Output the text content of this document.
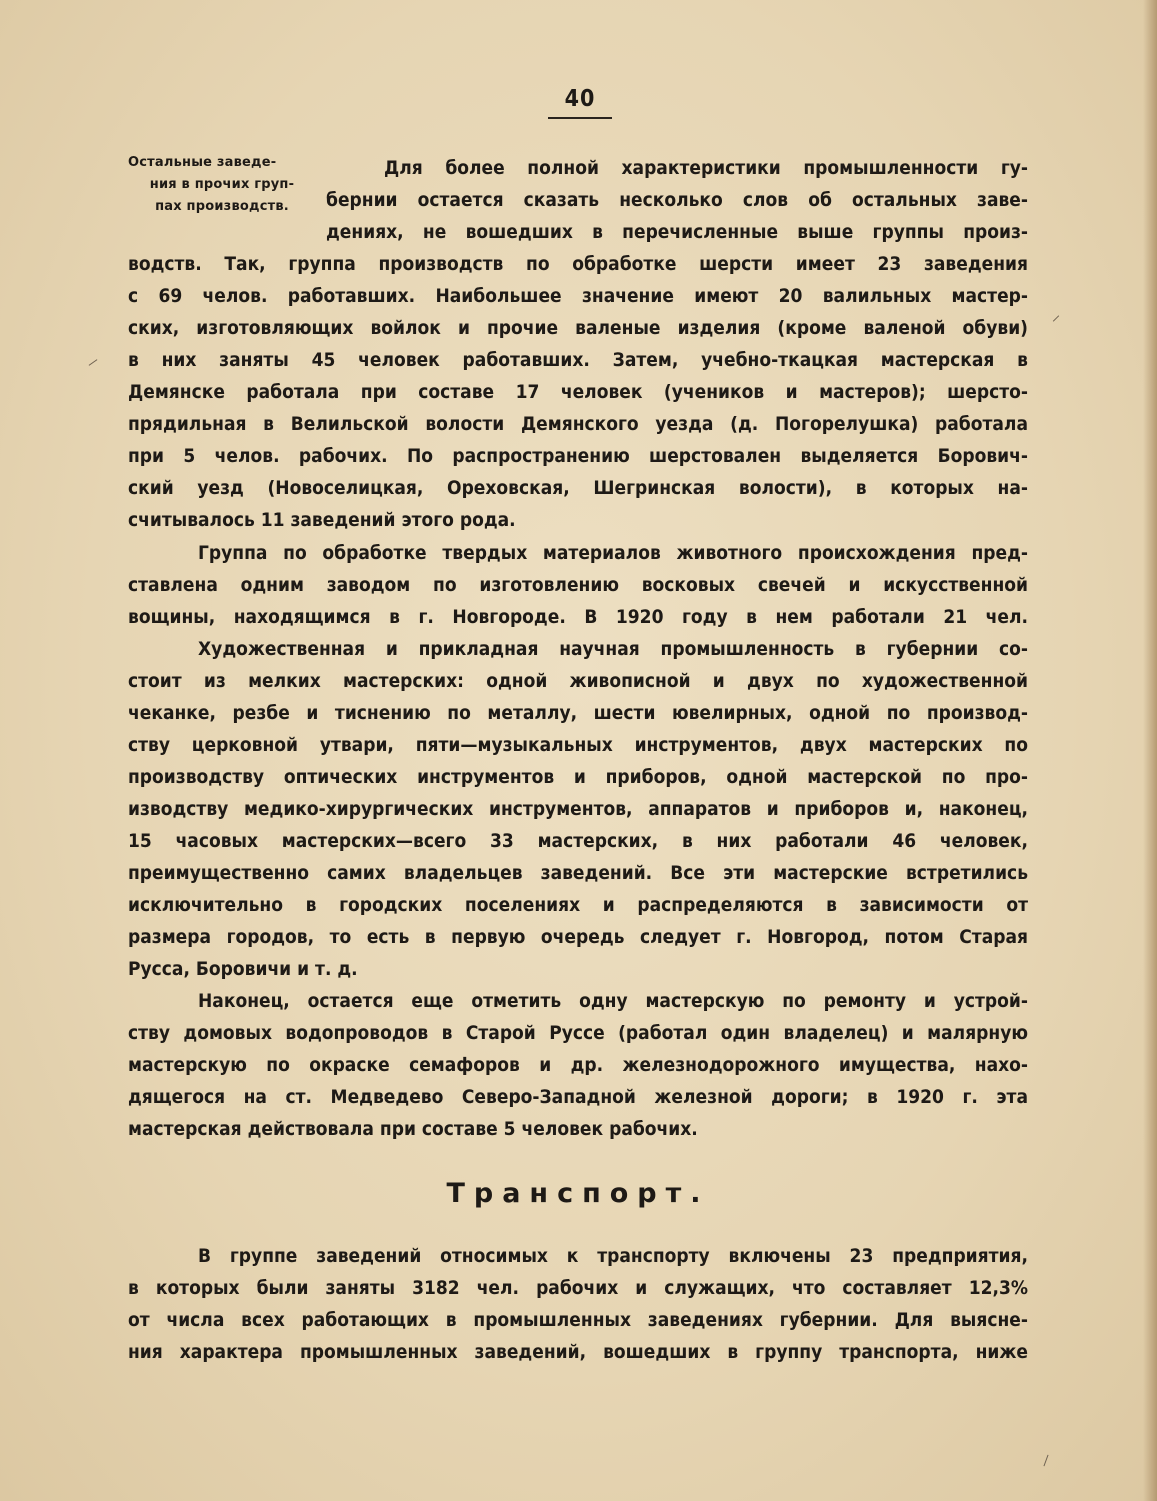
40
Остальные заведе-
ния в прочих груп-
пах производств.
Для более полной характеристики промышленности гу-
бернии остается сказать несколько слов об остальных заве-
дениях, не вошедших в перечисленные выше группы произ-
водств. Так, группа производств по обработке шерсти имеет 23 заведения
с 69 челов. работавших. Наибольшее значение имеют 20 валильных мастер-
ских, изготовляющих войлок и прочие валеные изделия (кроме валеной обуви)
в них заняты 45 человек работавших. Затем, учебно-ткацкая мастерская в
Демянске работала при составе 17 человек (учеников и мастеров); шерсто-
прядильная в Велильской волости Демянского уезда (д. Погорелушка) работала
при 5 челов. рабочих. По распространению шерстовален выделяется Борович-
ский уезд (Новоселицкая, Ореховская, Шегринская волости), в которых на-
считывалось 11 заведений этого рода.
Группа по обработке твердых материалов животного происхождения пред-
ставлена одним заводом по изготовлению восковых свечей и искусственной
вощины, находящимся в г. Новгороде. В 1920 году в нем работали 21 чел.
Художественная и прикладная научная промышленность в губернии со-
стоит из мелких мастерских: одной живописной и двух по художественной
чеканке, резбе и тиснению по металлу, шести ювелирных, одной по производ-
ству церковной утвари, пяти—музыкальных инструментов, двух мастерских по
производству оптических инструментов и приборов, одной мастерской по про-
изводству медико-хирургических инструментов, аппаратов и приборов и, наконец,
15 часовых мастерских—всего 33 мастерских, в них работали 46 человек,
преимущественно самих владельцев заведений. Все эти мастерские встретились
исключительно в городских поселениях и распределяются в зависимости от
размера городов, то есть в первую очередь следует г. Новгород, потом Старая
Русса, Боровичи и т. д.
Наконец, остается еще отметить одну мастерскую по ремонту и устрой-
ству домовых водопроводов в Старой Руссе (работал один владелец) и малярную
мастерскую по окраске семафоров и др. железнодорожного имущества, нахо-
дящегося на ст. Медведево Северо-Западной железной дороги; в 1920 г. эта
мастерская действовала при составе 5 человек рабочих.
Транспорт.
В группе заведений относимых к транспорту включены 23 предприятия,
в которых были заняты 3182 чел. рабочих и служащих, что составляет 12,3%
от числа всех работающих в промышленных заведениях губернии. Для выясне-
ния характера промышленных заведений, вошедших в группу транспорта, ниже
